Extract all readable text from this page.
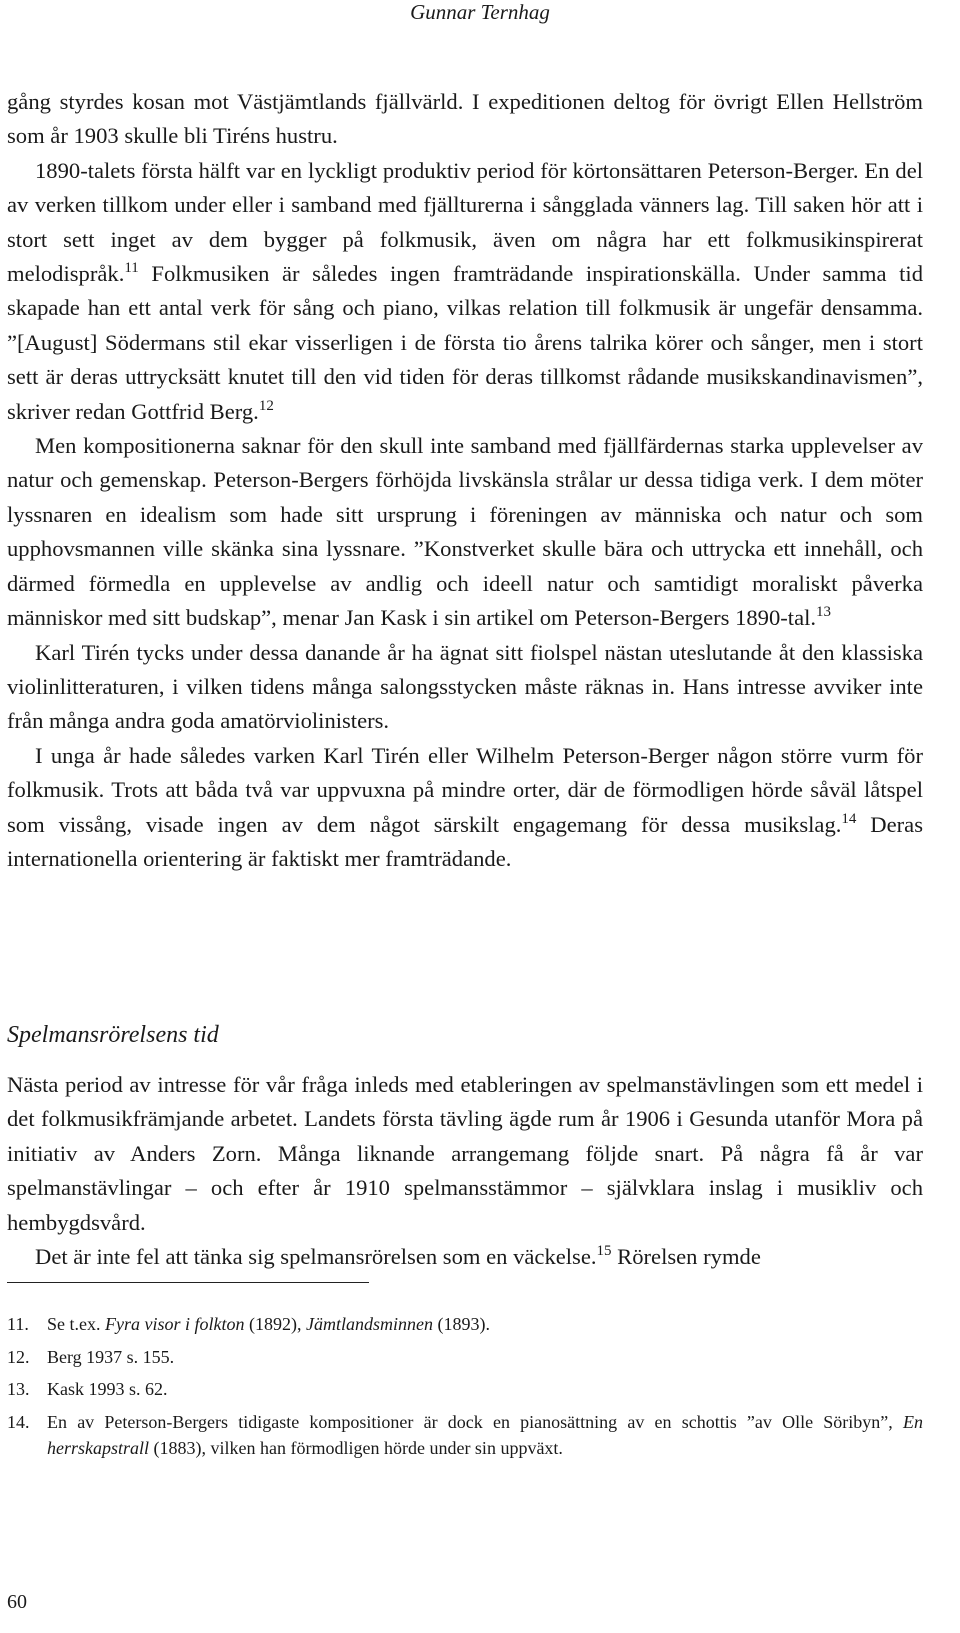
Gunnar Ternhag

gång styrdes kosan mot Västjämtlands fjällvärld. I expeditionen deltog för övrigt Ellen Hellström som år 1903 skulle bli Tiréns hustru.

1890-talets första hälft var en lyckligt produktiv period för körtonsättaren Peterson-Berger. En del av verken tillkom under eller i samband med fjällturerna i sångglada vänners lag. Till saken hör att i stort sett inget av dem bygger på folkmusik, även om några har ett folkmusikinspirerat melodispråk.$^{11}$ Folkmusiken är således ingen framträdande inspirationskälla. Under samma tid skapade han ett antal verk för sång och piano, vilkas relation till folkmusik är ungefär densamma. ”[August] Södermans stil ekar visserligen i de första tio årens talrika körer och sånger, men i stort sett är deras uttrycksätt knutet till den vid tiden för deras tillkomst rådande musikskandinavismen”, skriver redan Gottfrid Berg.$^{12}$

Men kompositionerna saknar för den skull inte samband med fjällfärdernas starka upplevelser av natur och gemenskap. Peterson-Bergers förhöjda livskänsla strålar ur dessa tidiga verk. I dem möter lyssnaren en idealism som hade sitt ursprung i föreningen av människa och natur och som upphovsmannen ville skänka sina lyssnare. ”Konstverket skulle bära och uttrycka ett innehåll, och därmed förmedla en upplevelse av andlig och ideell natur och samtidigt moraliskt påverka människor med sitt budskap”, menar Jan Kask i sin artikel om Peterson-Bergers 1890-tal.$^{13}$

Karl Tirén tycks under dessa danande år ha ägnat sitt fiolspel nästan uteslutande åt den klassiska violinlitteraturen, i vilken tidens många salongsstycken måste räknas in. Hans intresse avviker inte från många andra goda amatörviolinisters.

I unga år hade således varken Karl Tirén eller Wilhelm Peterson-Berger någon större vurm för folkmusik. Trots att båda två var uppvuxna på mindre orter, där de förmodligen hörde såväl låtspel som vissång, visade ingen av dem något särskilt engagemang för dessa musikslag.$^{14}$ Deras internationella orientering är faktiskt mer framträdande.

Spelmansrörelsens tid

Nästa period av intresse för vår fråga inleds med etableringen av spelmanstävlingen som ett medel i det folkmusikfrämjande arbetet. Landets första tävling ägde rum år 1906 i Gesunda utanför Mora på initiativ av Anders Zorn. Många liknande arrangemang följde snart. På några få år var spelmanstävlingar – och efter år 1910 spelmansstämmor – självklara inslag i musikliv och hembygdsvård.

Det är inte fel att tänka sig spelmansrörelsen som en väckelse.$^{15}$ Rörelsen rymde

11.	Se t.ex. Fyra visor i folkton (1892), Jämtlandsminnen (1893).
12. Berg 1937 s. 155.
13. Kask 1993 s. 62.
14. En av Peterson-Bergers tidigaste kompositioner är dock en pianosättning av en schottis ”av Olle Söribyn”, En herrskapstrall (1883), vilken han förmodligen hörde under sin uppväxt.
60
